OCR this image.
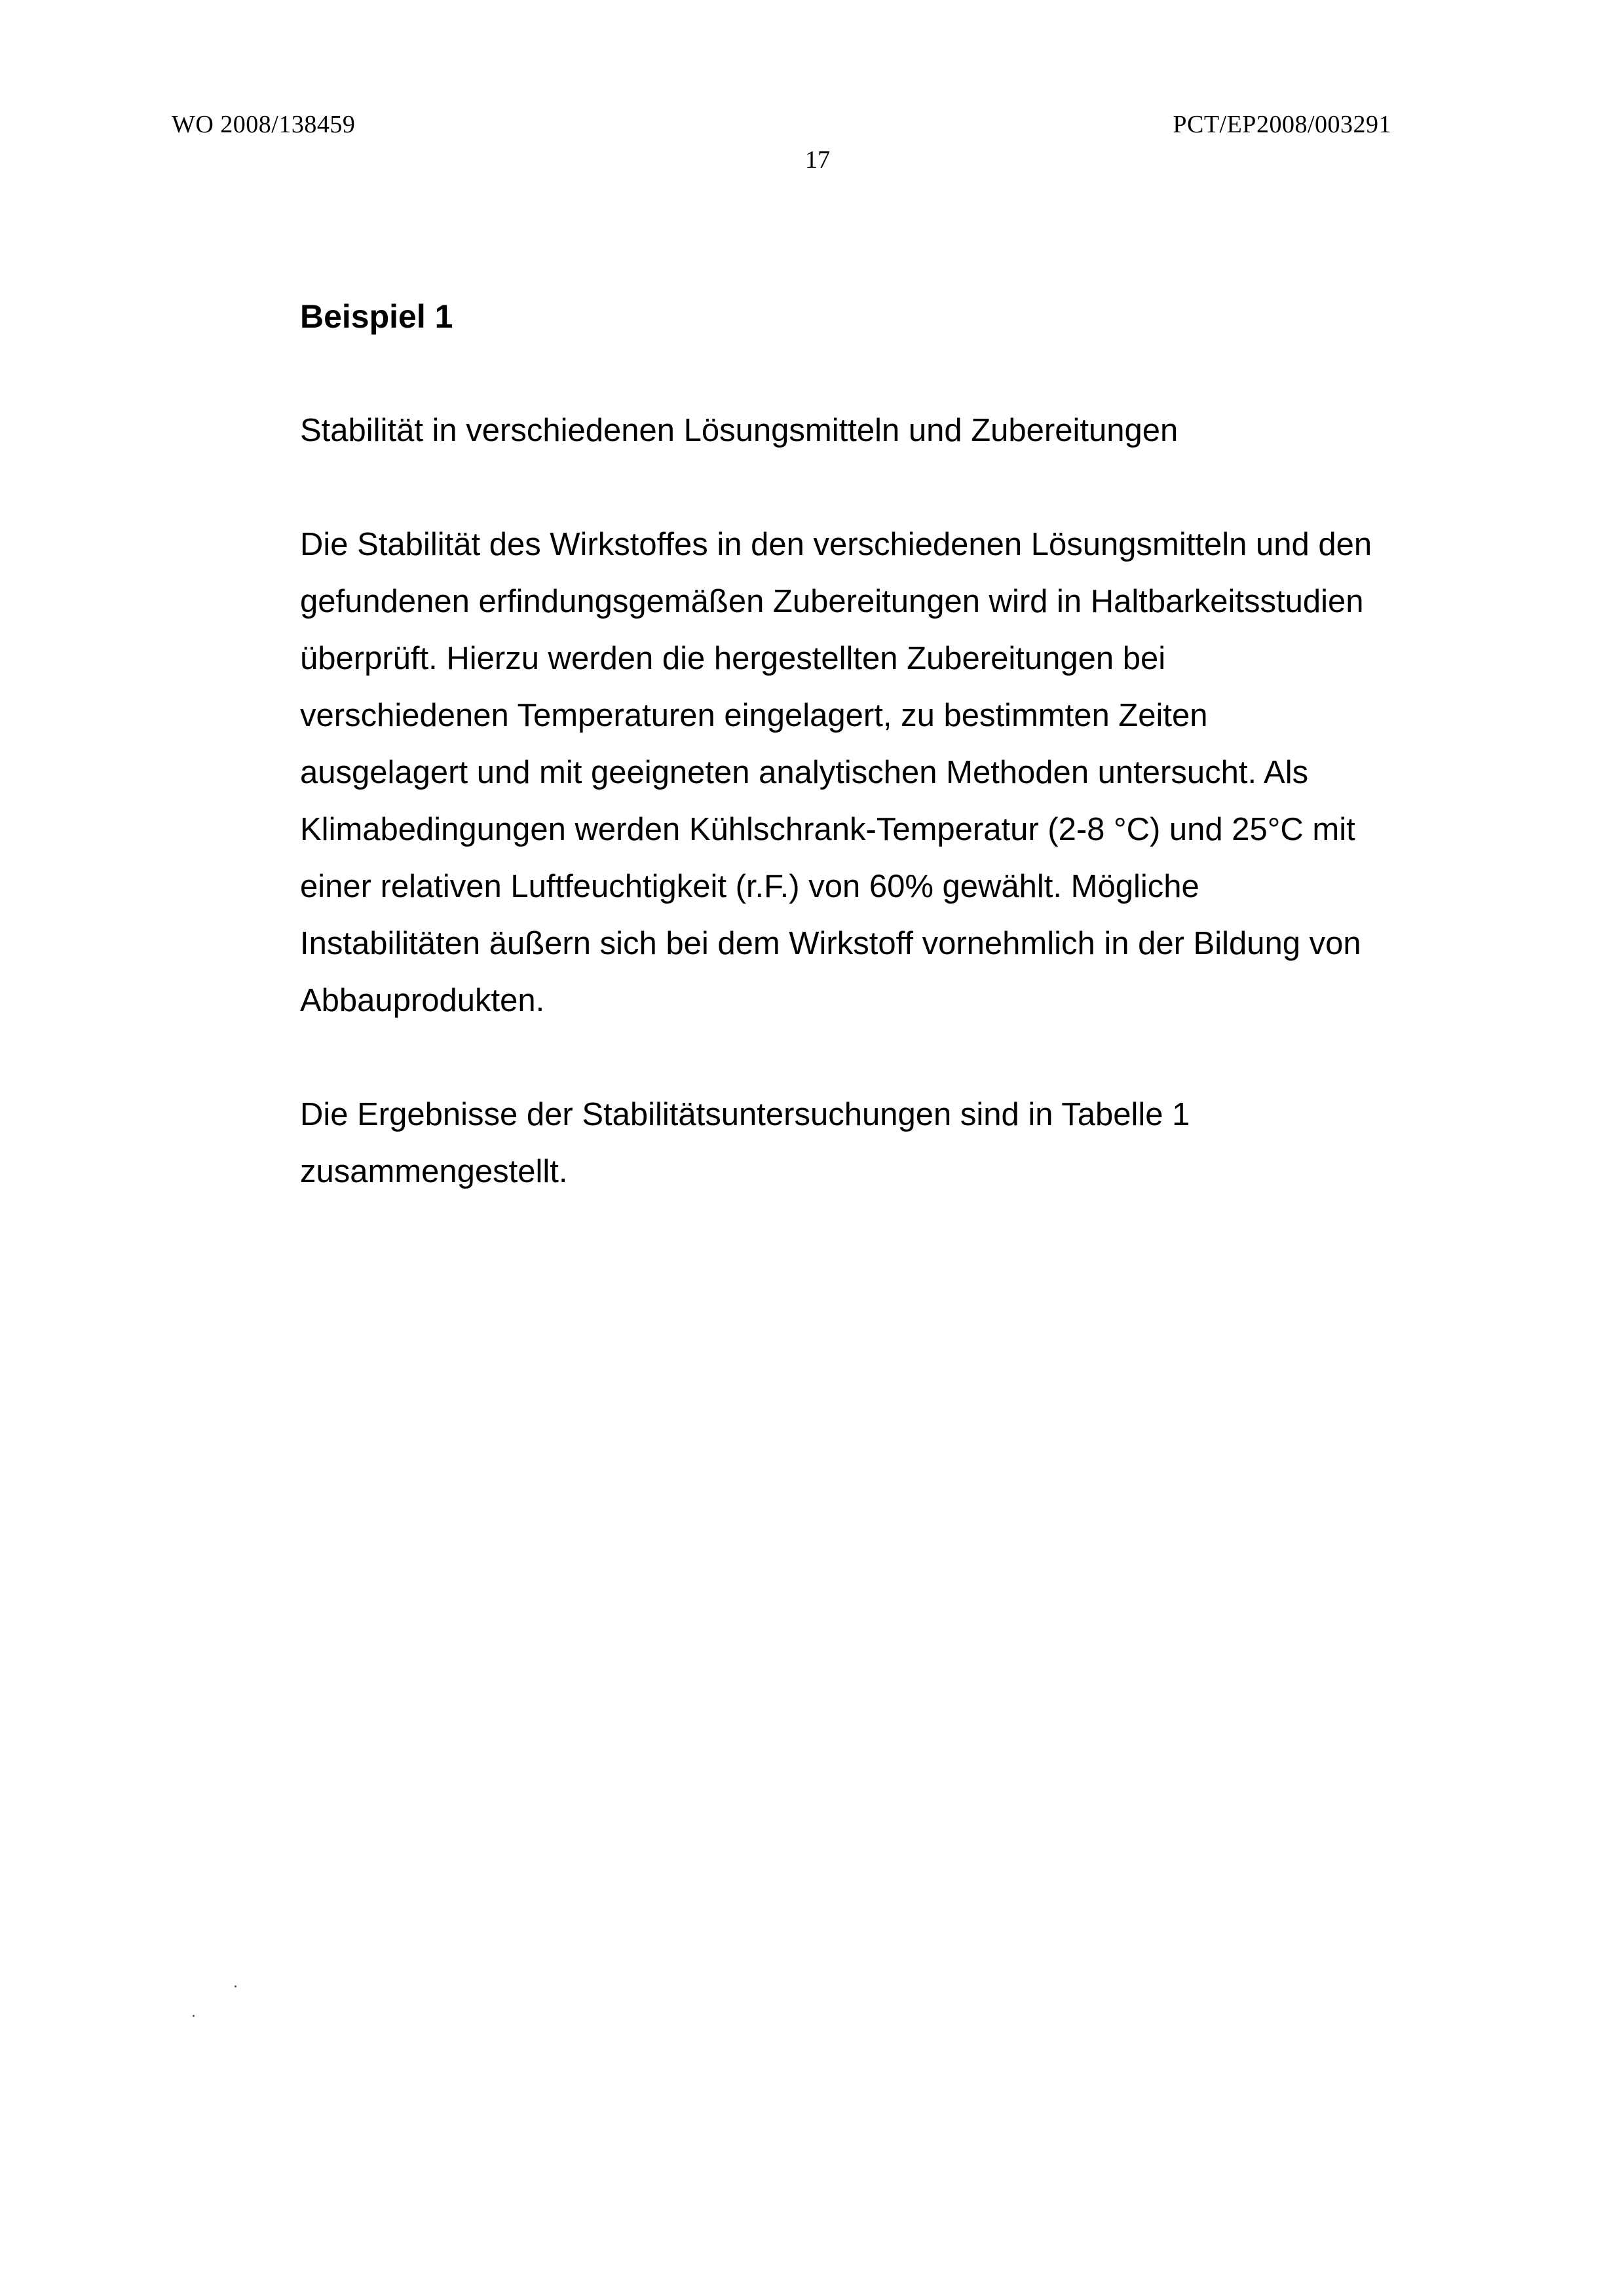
WO 2008/138459	PCT/EP2008/003291
17
Beispiel 1
Stabilität in verschiedenen Lösungsmitteln und Zubereitungen
Die Stabilität des Wirkstoffes in den verschiedenen Lösungsmitteln und den
gefundenen erfindungsgemäßen Zubereitungen wird in Haltbarkeitsstudien
überprüft. Hierzu werden die hergestellten Zubereitungen bei
verschiedenen Temperaturen eingelagert, zu bestimmten Zeiten
ausgelagert und mit geeigneten analytischen Methoden untersucht. Als
Klimabedingungen werden Kühlschrank-Temperatur (2-8 °C) und 25°C mit
einer relativen Luftfeuchtigkeit (r.F.) von 60% gewählt. Mögliche
Instabilitäten äußern sich bei dem Wirkstoff vornehmlich in der Bildung von
Abbauprodukten.
Die Ergebnisse der Stabilitätsuntersuchungen sind in Tabelle 1
zusammengestellt.
